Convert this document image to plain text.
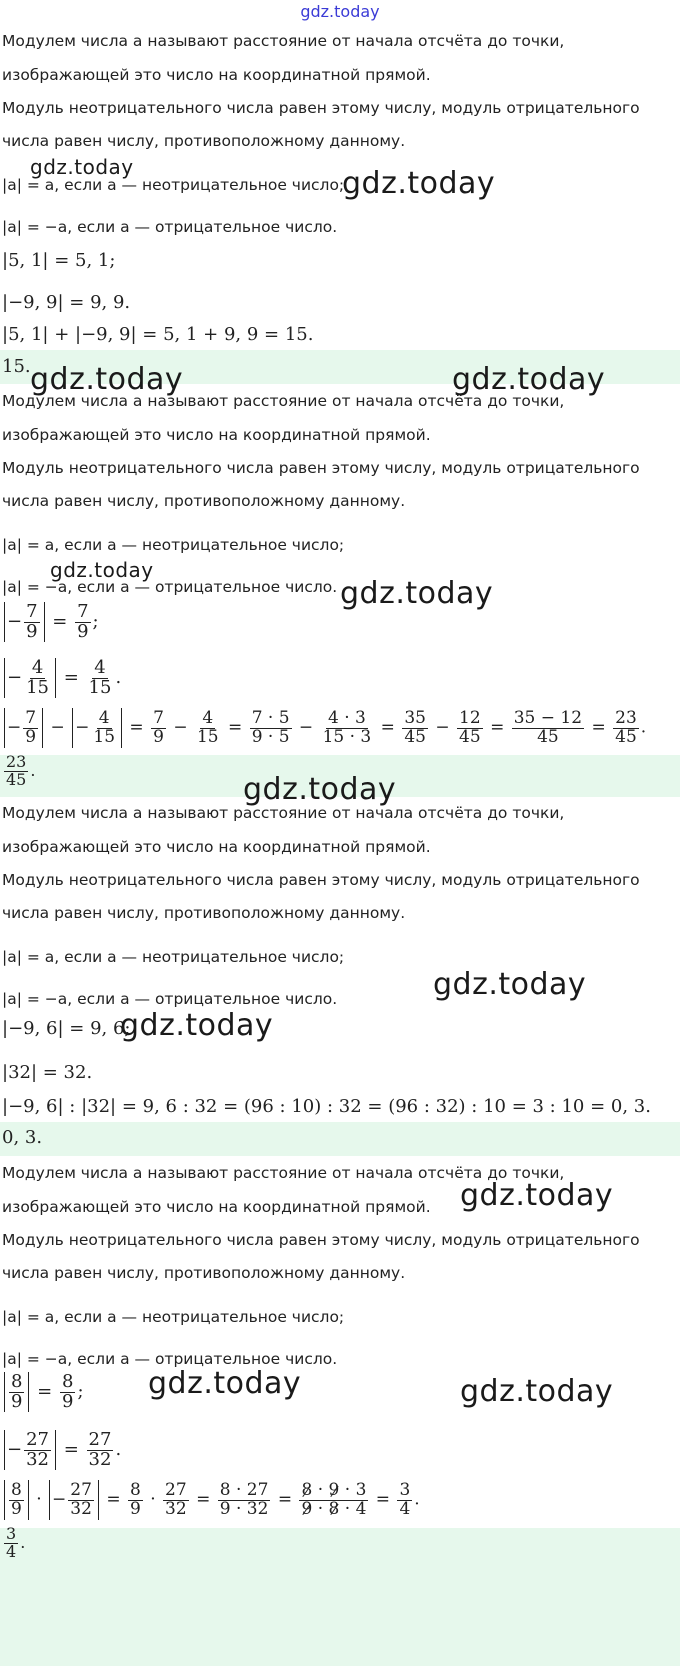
gdz.today
Модулем числа a называют расстояние от начала отсчёта до точки,
изображающей это число на координатной прямой.
Модуль неотрицательного числа равен этому числу, модуль отрицательного
числа равен числу, противоположному данному.
|a| = a, если a — неотрицательное число;
|a| = −a, если a — отрицательное число.
|5, 1| = 5, 1;
|−9, 9| = 9, 9.
|5, 1| + |−9, 9| = 5, 1 + 9, 9 = 15.
15.
gdz.today	gdz.today
gdz.today	gdz.today
Модулем числа a называют расстояние от начала отсчёта до точки,
изображающей это число на координатной прямой.
Модуль неотрицательного числа равен этому числу, модуль отрицательного
числа равен числу, противоположному данному.
|a| = a, если a — неотрицательное число;
|a| = −a, если a — отрицательное число.
− $\frac{7}{9} = \frac{7}{9}$ ;
− $\frac{4}{15} = \frac{4}{15}$ .
− $\frac{7}{9}$ − − $\frac{4}{15} = \frac{7}{9} - \frac{4}{15} = \frac{7 \cdot 5}{9 \cdot 5} - \frac{4 \cdot 3}{15 \cdot 3} = \frac{35}{45} - \frac{12}{45} = \frac{35 - 12}{45} = \frac{23}{45}$ .
$\frac{23}{45}$ .
gdz.today
gdz.today
gdz.today
Модулем числа a называют расстояние от начала отсчёта до точки,
изображающей это число на координатной прямой.
Модуль неотрицательного числа равен этому числу, модуль отрицательного
числа равен числу, противоположному данному.
|a| = a, если a — неотрицательное число;
|a| = −a, если a — отрицательное число.
|−9, 6| = 9, 6;
|32| = 32.
|−9, 6| : |32| = 9, 6 : 32 = (96 : 10) : 32 = (96 : 32) : 10 = 3 : 10 = 0, 3.
0, 3.
gdz.today
gdz.today
Модулем числа a называют расстояние от начала отсчёта до точки,
изображающей это число на координатной прямой.
Модуль неотрицательного числа равен этому числу, модуль отрицательного
числа равен числу, противоположному данному.
|a| = a, если a — неотрицательное число;
|a| = −a, если a — отрицательное число.
$\frac{8}{9} = \frac{8}{9}$ ;
− $\frac{27}{32} = \frac{27}{32}$ .
$\frac{8}{9}$ · − $\frac{27}{32} = \frac{8}{9} \cdot \frac{27}{32} = \frac{8 \cdot 27}{9 \cdot 32} = \frac{8 \cdot 9 \cdot 3}{9 \cdot 8 \cdot 4} = \frac{3}{4}$ .
$\frac{3}{4}$ .
gdz.today
gdz.today	gdz.today
